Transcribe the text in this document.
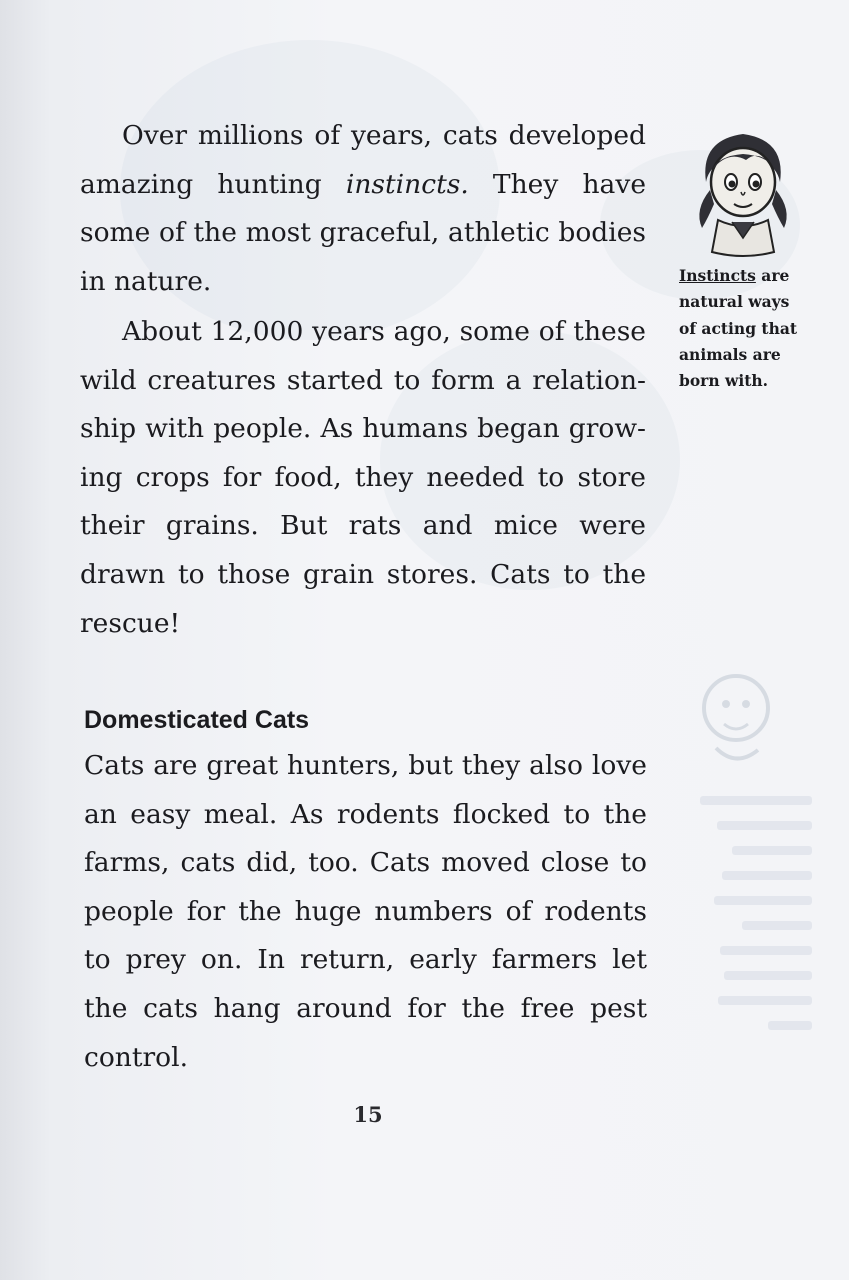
Over millions of years, cats developed amazing hunting instincts. They have some of the most graceful, athletic bodies in nature.

About 12,000 years ago, some of these wild creatures started to form a relationship with people. As humans began growing crops for food, they needed to store their grains. But rats and mice were drawn to those grain stores. Cats to the rescue!

Domesticated Cats

Cats are great hunters, but they also love an easy meal. As rodents flocked to the farms, cats did, too. Cats moved close to people for the huge numbers of rodents to prey on. In return, early farmers let the cats hang around for the free pest control.

Instincts are natural ways of acting that animals are born with.

15
